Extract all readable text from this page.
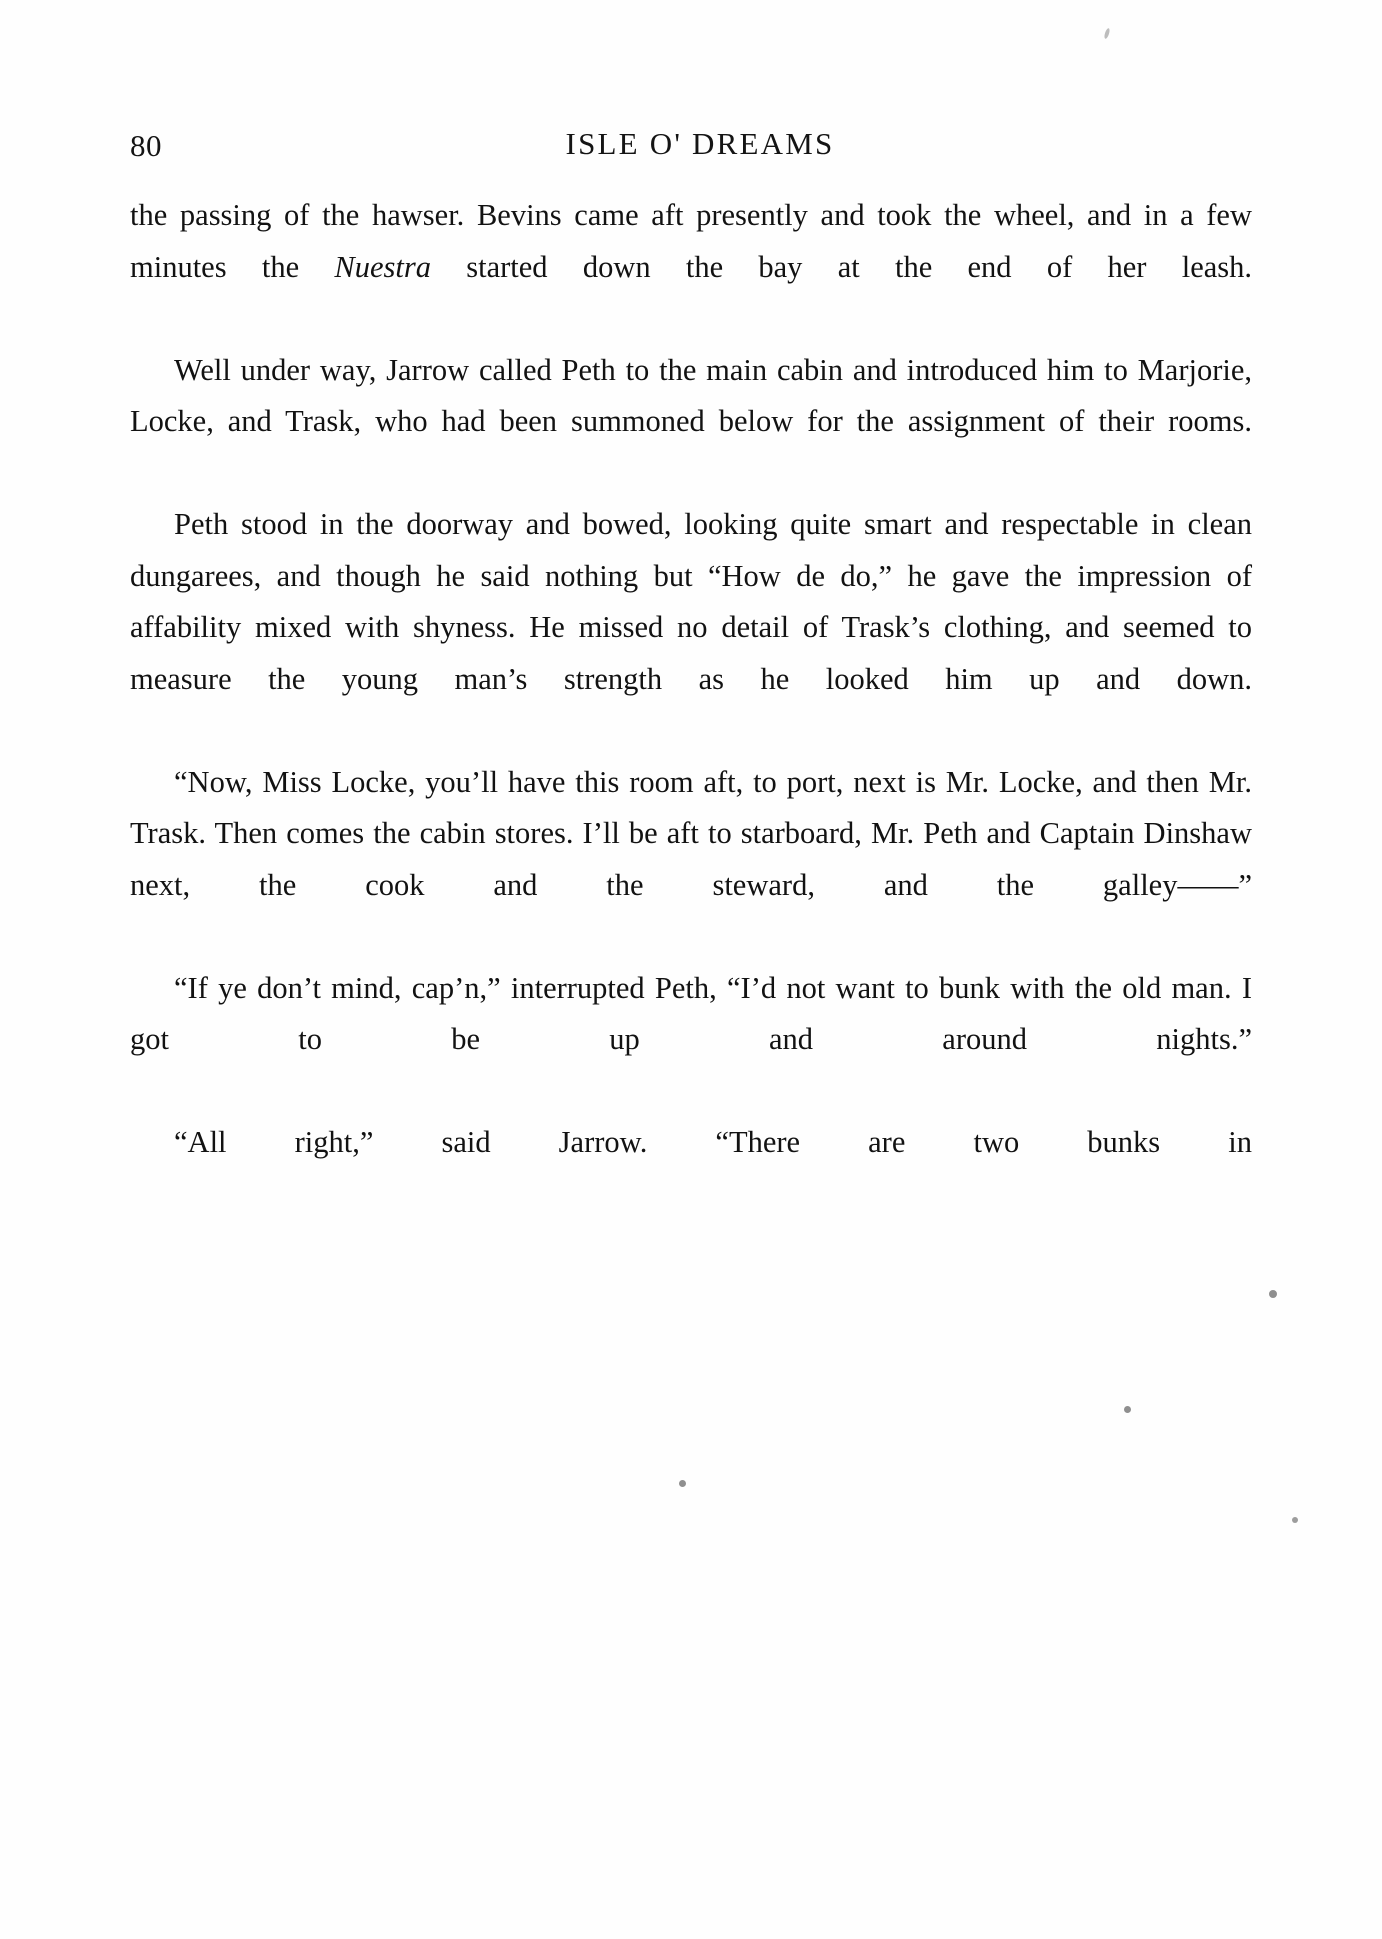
80	ISLE O' DREAMS

the passing of the hawser. Bevins came aft presently and took the wheel, and in a few minutes the Nuestra started down the bay at the end of her leash.

Well under way, Jarrow called Peth to the main cabin and introduced him to Marjorie, Locke, and Trask, who had been summoned below for the assignment of their rooms.

Peth stood in the doorway and bowed, looking quite smart and respectable in clean dungarees, and though he said nothing but “How de do,” he gave the impression of affability mixed with shyness. He missed no detail of Trask’s clothing, and seemed to measure the young man’s strength as he looked him up and down.

“Now, Miss Locke, you’ll have this room aft, to port, next is Mr. Locke, and then Mr. Trask. Then comes the cabin stores. I’ll be aft to starboard, Mr. Peth and Captain Dinshaw next, the cook and the steward, and the galley——”

“If ye don’t mind, cap’n,” interrupted Peth, “I’d not want to bunk with the old man. I got to be up and around nights.”

“All right,” said Jarrow. “There are two bunks in
